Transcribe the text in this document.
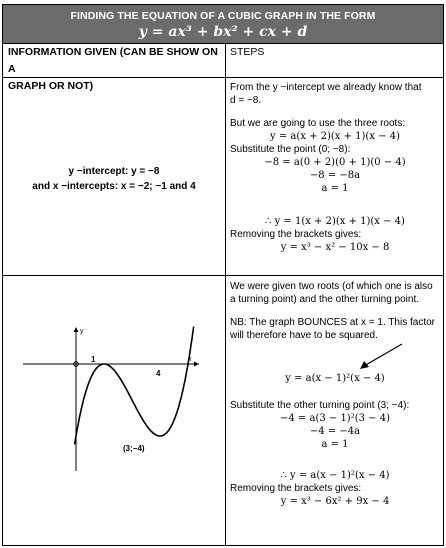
FINDING THE EQUATION OF A CUBIC GRAPH IN THE FORM
y = ax³ + bx² + cx + d
INFORMATION GIVEN (CAN BE SHOW ON A
GRAPH OR NOT)
STEPS
y −intercept: y = −8
and x −intercepts: x = −2; −1 and 4
From the y −intercept we already know that
d = −8.
But we are going to use the three roots:
y = a(x + 2)(x + 1)(x − 4)
Substitute the point (0; −8):
−8 = a(0 + 2)(0 + 1)(0 − 4)
−8 = −8a
a = 1
∴ y = 1(x + 2)(x + 1)(x − 4)
Removing the brackets gives:
y = x³ − x² − 10x − 8
y
x
1
4
(3;−4)
We were given two roots (of which one is also
a turning point) and the other turning point.
NB: The graph BOUNCES at x = 1. This factor
will therefore have to be squared.
y = a(x − 1)²(x − 4)
Substitute the other turning point (3; −4):
−4 = a(3 − 1)²(3 − 4)
−4 = −4a
a = 1
∴ y = a(x − 1)²(x − 4)
Removing the brackets gives:
y = x³ − 6x² + 9x − 4
